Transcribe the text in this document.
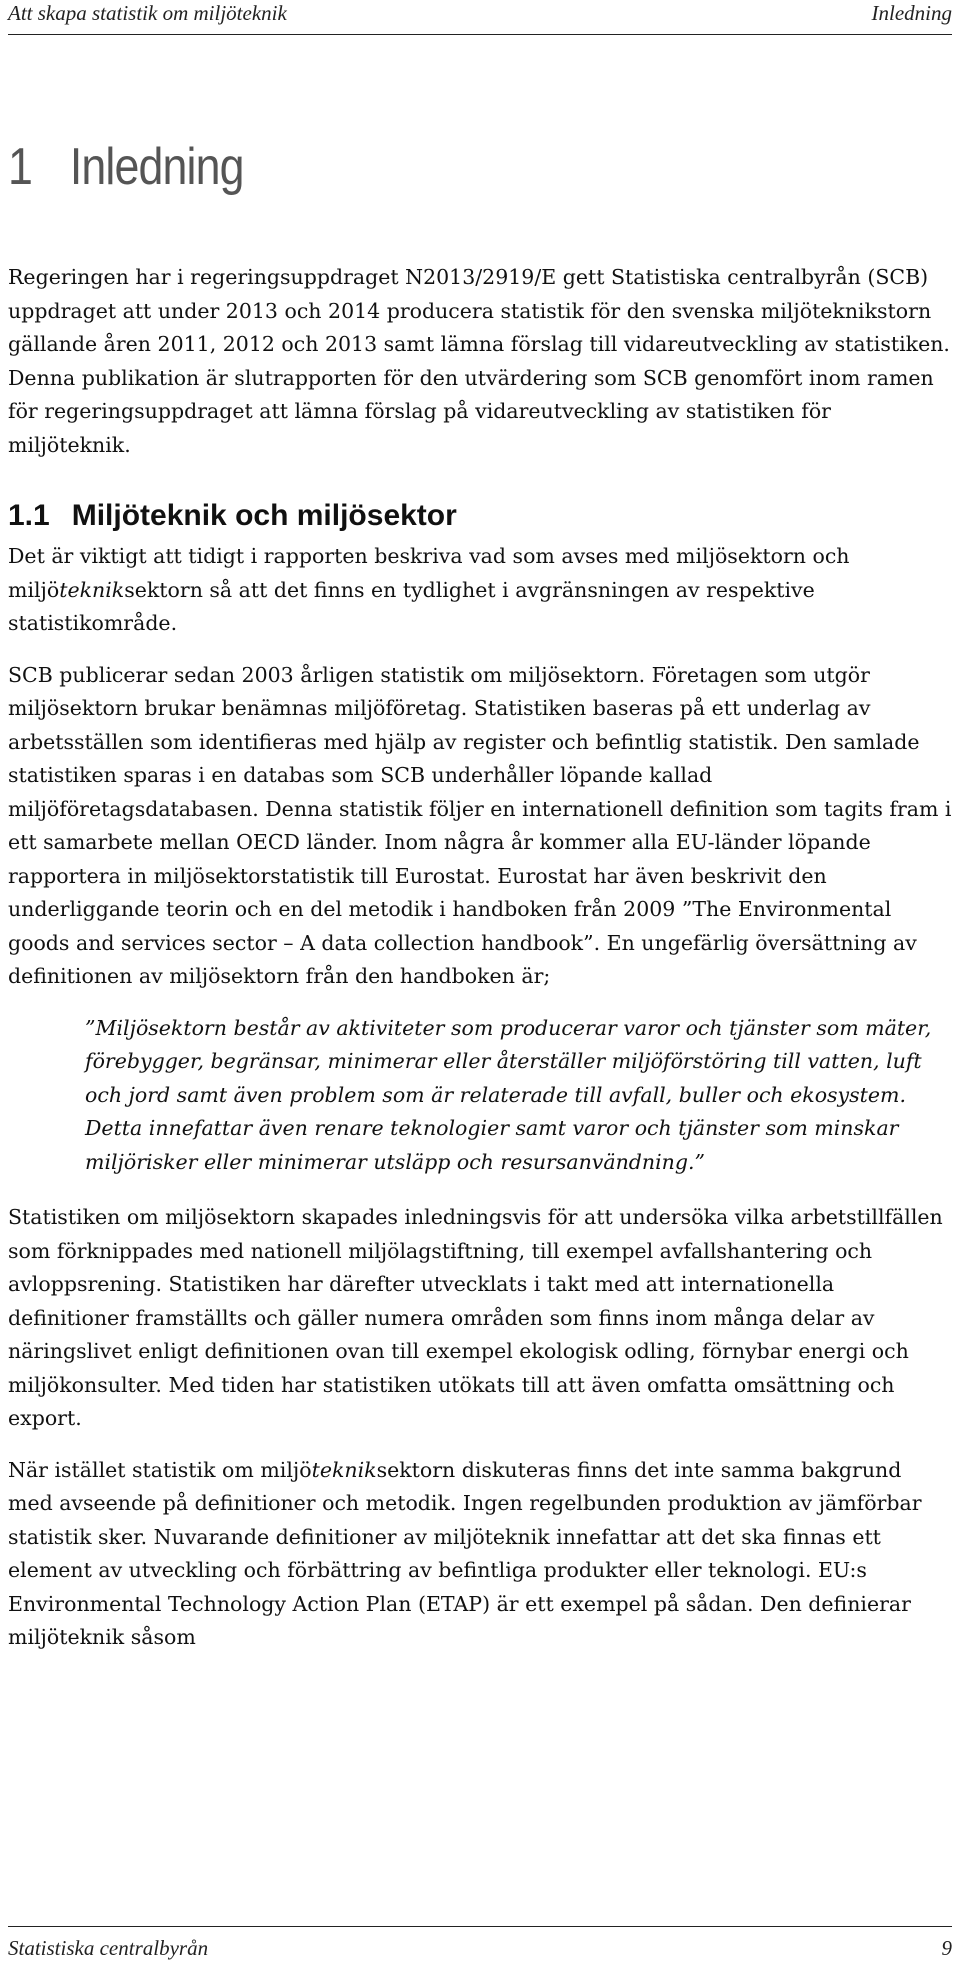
Att skapa statistik om miljöteknik	Inledning
1 Inledning

Regeringen har i regeringsuppdraget N2013/2919/E gett Statistiska centralbyrån (SCB) uppdraget att under 2013 och 2014 producera statistik för den svenska miljöteknikstorn gällande åren 2011, 2012 och 2013 samt lämna förslag till vidareutveckling av statistiken. Denna publikation är slutrapporten för den utvärdering som SCB genomfört inom ramen för regeringsuppdraget att lämna förslag på vidareutveckling av statistiken för miljöteknik.

1.1 Miljöteknik och miljösektor

Det är viktigt att tidigt i rapporten beskriva vad som avses med miljösektorn och miljötekniksektorn så att det finns en tydlighet i avgränsningen av respektive statistikområde.

SCB publicerar sedan 2003 årligen statistik om miljösektorn. Företagen som utgör miljösektorn brukar benämnas miljöföretag. Statistiken baseras på ett underlag av arbetsställen som identifieras med hjälp av register och befintlig statistik. Den samlade statistiken sparas i en databas som SCB underhåller löpande kallad miljöföretagsdatabasen. Denna statistik följer en internationell definition som tagits fram i ett samarbete mellan OECD länder. Inom några år kommer alla EU-länder löpande rapportera in miljösektorstatistik till Eurostat. Eurostat har även beskrivit den underliggande teorin och en del metodik i handboken från 2009 ”The Environmental goods and services sector – A data collection handbook”. En ungefärlig översättning av definitionen av miljösektorn från den handboken är;

”Miljösektorn består av aktiviteter som producerar varor och tjänster som mäter, förebygger, begränsar, minimerar eller återställer miljöförstöring till vatten, luft och jord samt även problem som är relaterade till avfall, buller och ekosystem. Detta innefattar även renare teknologier samt varor och tjänster som minskar miljörisker eller minimerar utsläpp och resursanvändning.”

Statistiken om miljösektorn skapades inledningsvis för att undersöka vilka arbetstillfällen som förknippades med nationell miljölagstiftning, till exempel avfallshantering och avloppsrening. Statistiken har därefter utvecklats i takt med att internationella definitioner framställts och gäller numera områden som finns inom många delar av näringslivet enligt definitionen ovan till exempel ekologisk odling, förnybar energi och miljökonsulter. Med tiden har statistiken utökats till att även omfatta omsättning och export.

När istället statistik om miljötekniksektorn diskuteras finns det inte samma bakgrund med avseende på definitioner och metodik. Ingen regelbunden produktion av jämförbar statistik sker. Nuvarande definitioner av miljöteknik innefattar att det ska finnas ett element av utveckling och förbättring av befintliga produkter eller teknologi. EU:s Environmental Technology Action Plan (ETAP) är ett exempel på sådan. Den definierar miljöteknik såsom

Statistiska centralbyrån	9
